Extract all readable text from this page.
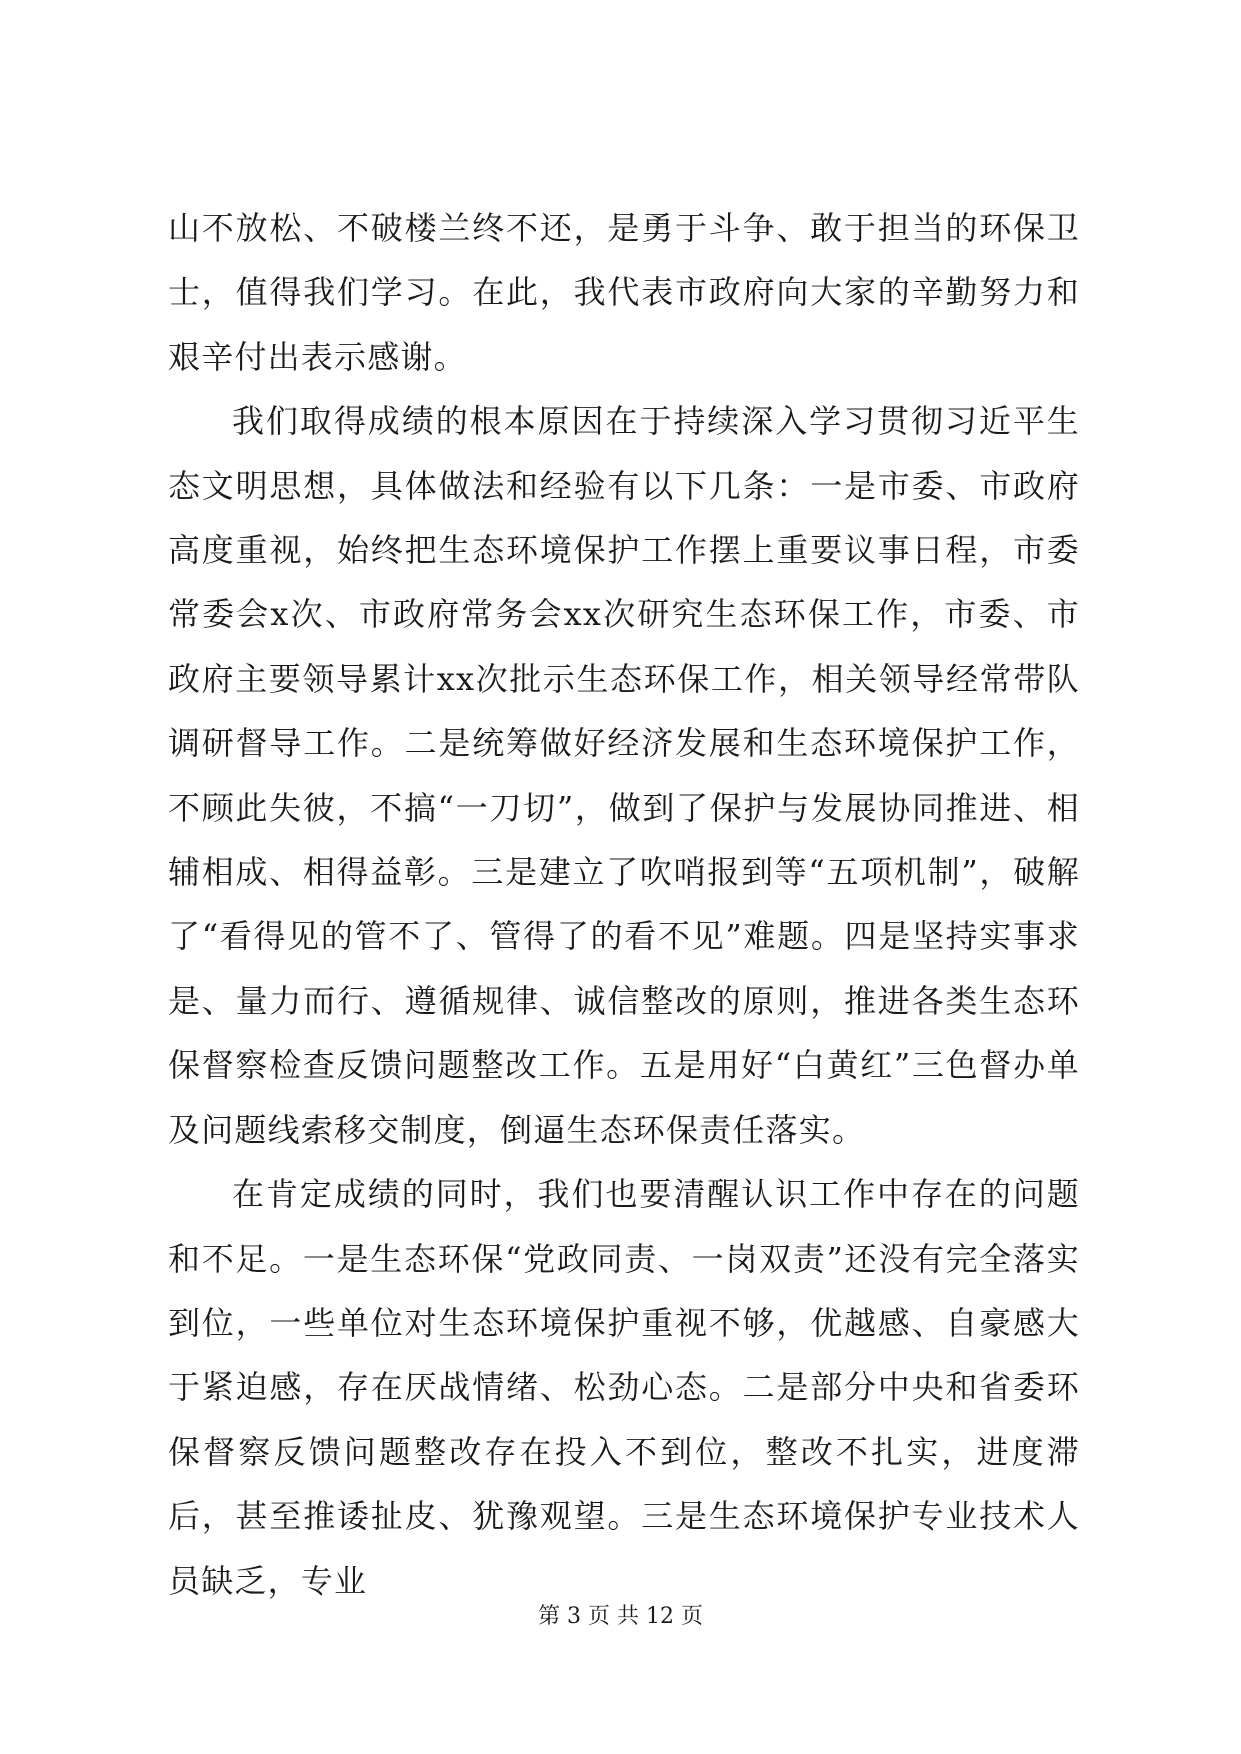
山不放松、不破楼兰终不还，是勇于斗争、敢于担当的环保卫士，值得我们学习。在此，我代表市政府向大家的辛勤努力和艰辛付出表示感谢。

我们取得成绩的根本原因在于持续深入学习贯彻习近平生态文明思想，具体做法和经验有以下几条：一是市委、市政府高度重视，始终把生态环境保护工作摆上重要议事日程，市委常委会x次、市政府常务会xx次研究生态环保工作，市委、市政府主要领导累计xx次批示生态环保工作，相关领导经常带队调研督导工作。二是统筹做好经济发展和生态环境保护工作，不顾此失彼，不搞“一刀切”，做到了保护与发展协同推进、相辅相成、相得益彰。三是建立了吹哨报到等“五项机制”，破解了“看得见的管不了、管得了的看不见”难题。四是坚持实事求是、量力而行、遵循规律、诚信整改的原则，推进各类生态环保督察检查反馈问题整改工作。五是用好“白黄红”三色督办单及问题线索移交制度，倒逼生态环保责任落实。

在肯定成绩的同时，我们也要清醒认识工作中存在的问题和不足。一是生态环保“党政同责、一岗双责”还没有完全落实到位，一些单位对生态环境保护重视不够，优越感、自豪感大于紧迫感，存在厌战情绪、松劲心态。二是部分中央和省委环保督察反馈问题整改存在投入不到位，整改不扎实，进度滞后，甚至推诿扯皮、犹豫观望。三是生态环境保护专业技术人员缺乏，专业

第 3 页 共 12 页
